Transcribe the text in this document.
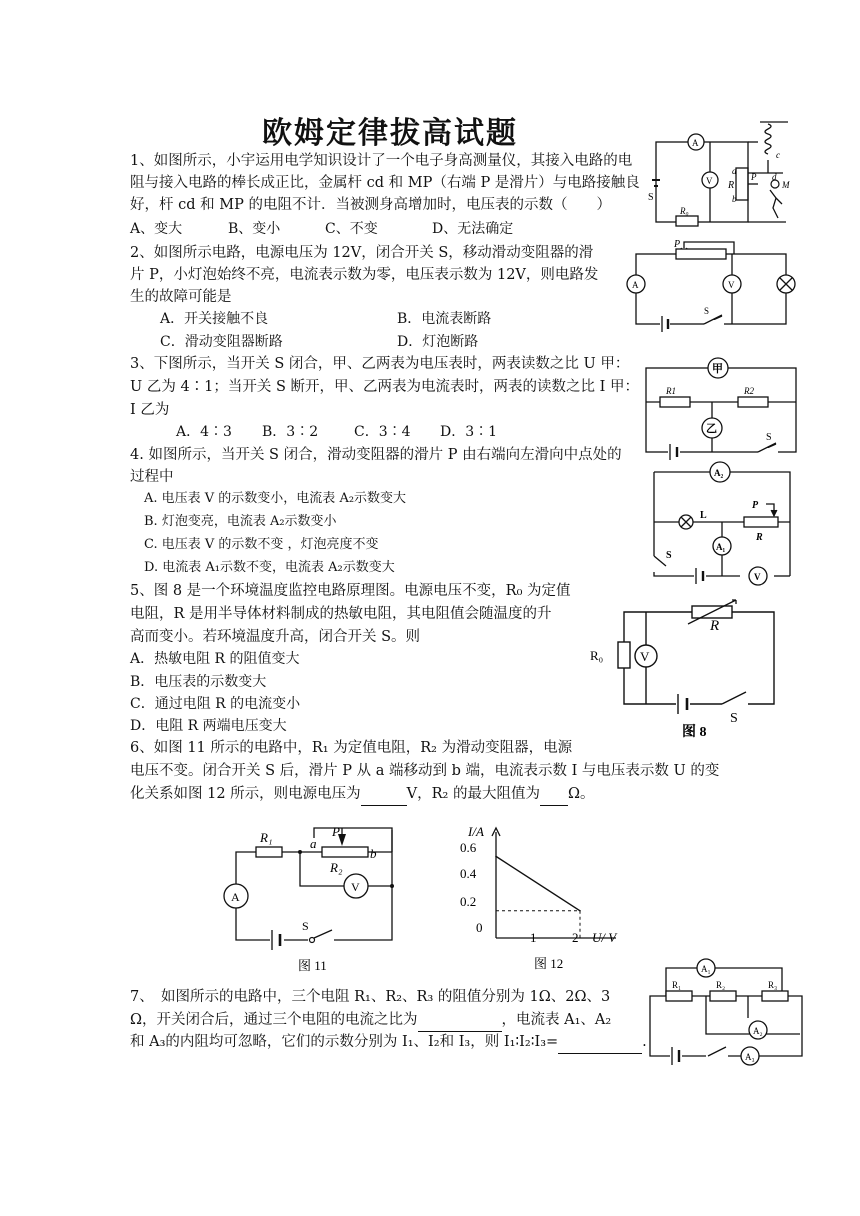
欧姆定律拔高试题
1、如图所示，小宇运用电学知识设计了一个电子身高测量仪，其接入电路的电
阻与接入电路的棒长成正比，金属杆 cd 和 MP（右端 P 是滑片）与电路接触良
好，杆 cd 和 MP 的电阻不计．当被测身高增加时，电压表的示数（　　）
A、变大	B、变小	C、不变	D、无法确定
A
V
S
R₀
R
a
b
c
d
M
P
2、如图所示电路，电源电压为 12V，闭合开关 S，移动滑动变阻器的滑
片 P，小灯泡始终不亮，电流表示数为零，电压表示数为 12V，则电路发
生的故障可能是
A．开关接触不良	B．电流表断路
C．滑动变阻器断路	D．灯泡断路
P
A	V
S
3、下图所示，当开关 S 闭合，甲、乙两表为电压表时，两表读数之比 U 甲：
U 乙为 4∶1；当开关 S 断开，甲、乙两表为电流表时，两表的读数之比 I 甲：
I 乙为
A．4∶3 B．3∶2	C．3∶4 D．3∶1
甲
乙
R1	R2
S
4. 如图所示，当开关 S 闭合，滑动变阻器的滑片 P 由右端向左滑向中点处的
过程中
A. 电压表 V 的示数变小，电流表 A₂示数变大
B. 灯泡变亮，电流表 A₂示数变小
C. 电压表 V 的示数不变 ，灯泡亮度不变
D. 电流表 A₁示数不变，电流表 A₂示数变大
A₂
A₁
L
P
R
S
V
5、图 8 是一个环境温度监控电路原理图。电源电压不变，R₀ 为定值
电阻，R 是用半导体材料制成的热敏电阻，其电阻值会随温度的升
高而变小。若环境温度升高，闭合开关 S。则
A．热敏电阻 R 的阻值变大
B．电压表的示数变大
C．通过电阻 R 的电流变小
D．电阻 R 两端电压变大
R
R₀	V
S
图 8
6、如图 11 所示的电路中，R₁ 为定值电阻，R₂ 为滑动变阻器，电源
电压不变。闭合开关 S 后，滑片 P 从 a 端移动到 b 端，电流表示数 I 与电压表示数 U 的变
化关系如图 12 所示，则电源电压为	V，R₂ 的最大阻值为 Ω。
R₁
R₂
P
a
b
A
V
S
图 11
I/A
U/ V
0.6
0.4
0.2
0
1	2
图 12
7、　如图所示的电路中，三个电阻 R₁、R₂、R₃ 的阻值分别为 1Ω、2Ω、3
Ω，开关闭合后，通过三个电阻的电流之比为	，电流表 A₁、A₂
和 A₃的内阻均可忽略，它们的示数分别为 I₁、I₂和 I₃，则 I₁∶I₂∶I₃=	.
A₁
A₂
A₃
R₁	R₂	R₃
